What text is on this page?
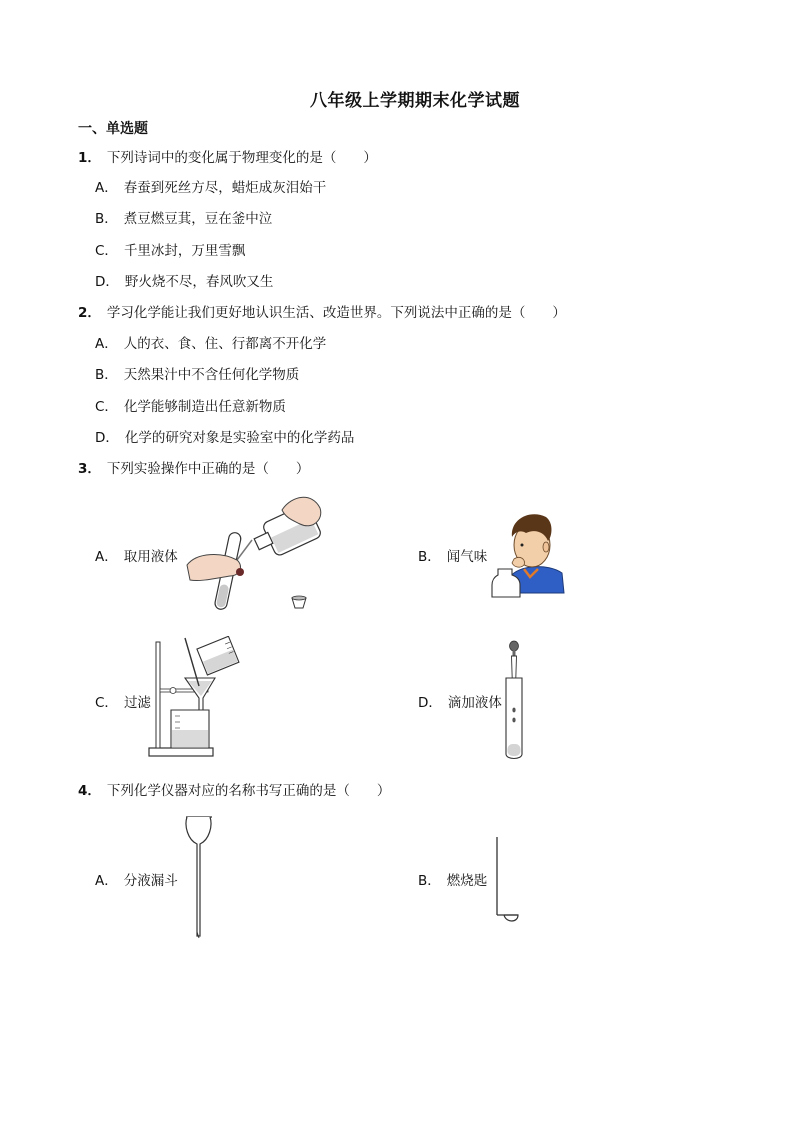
八年级上学期期末化学试题
一、单选题
1． 下列诗词中的变化属于物理变化的是（　　）
A． 春蚕到死丝方尽，蜡炬成灰泪始干
B． 煮豆燃豆萁，豆在釜中泣
C． 千里冰封，万里雪飘
D． 野火烧不尽，春风吹又生
2． 学习化学能让我们更好地认识生活、改造世界。下列说法中正确的是（　　）
A． 人的衣、食、住、行都离不开化学
B． 天然果汁中不含任何化学物质
C． 化学能够制造出任意新物质
D． 化学的研究对象是实验室中的化学药品
3． 下列实验操作中正确的是（　　）
A． 取用液体	B． 闻气味
C． 过滤	D． 滴加液体
4． 下列化学仪器对应的名称书写正确的是（　　）
A． 分液漏斗	B． 燃烧匙
